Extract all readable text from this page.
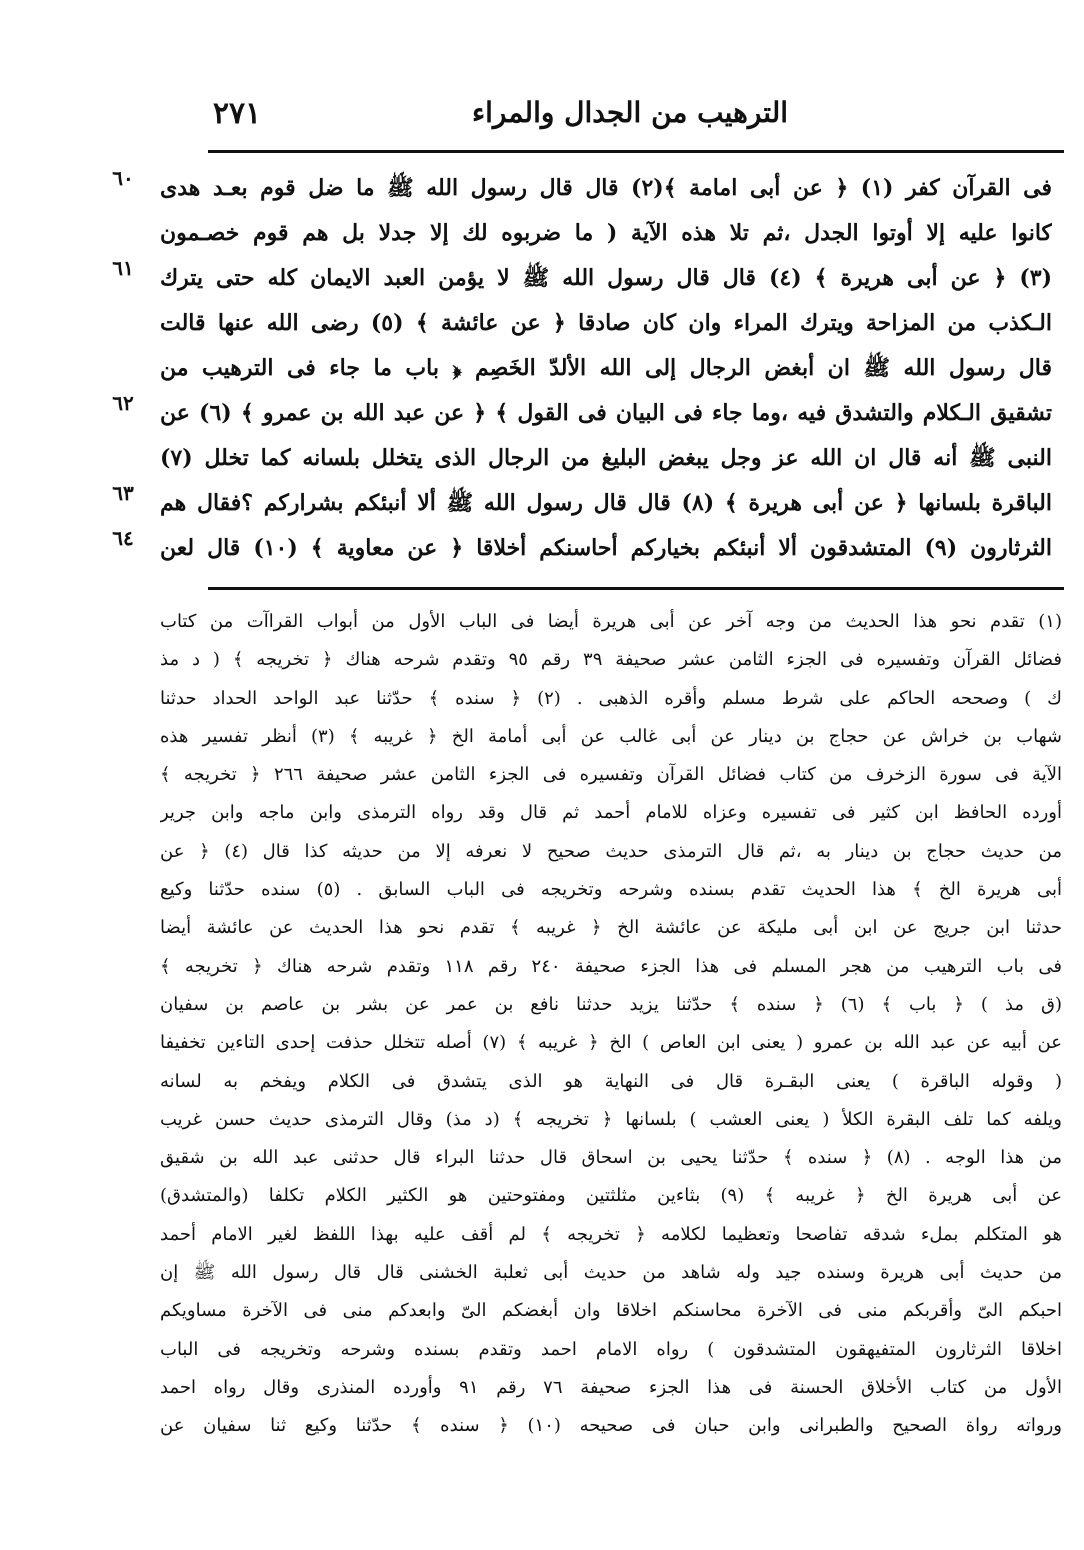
٢٧١	الترهيب من الجدال والمراء
فى القرآن كفر (١) ﴿ عن أبى امامة ﴾(٢) قال قال رسول الله ﷺ ما ضل قوم بعـد هدى
كانوا عليه إلا أوتوا الجدل ،ثم تلا هذه الآية ( ما ضربوه لك إلا جدلا بل هم قوم خصـمون
(٣) ﴿ عن أبى هريرة ﴾ (٤) قال قال رسول الله ﷺ لا يؤمن العبد الايمان كله حتى يترك
الـكذب من المزاحة ويترك المراء وان كان صادقا ﴿ عن عائشة ﴾ (٥) رضى الله عنها قالت
قال رسول الله ﷺ ان أبغض الرجال إلى الله الألدّ الخَصِم ﴿ باب ما جاء فى الترهيب من
تشقيق الـكلام والتشدق فيه ،وما جاء فى البيان فى القول ﴾ ﴿ عن عبد الله بن عمرو ﴾ (٦) عن
النبى ﷺ أنه قال ان الله عز وجل يبغض البليغ من الرجال الذى يتخلل بلسانه كما تخلل (٧)
الباقرة بلسانها ﴿ عن أبى هريرة ﴾ (٨) قال قال رسول الله ﷺ ألا أنبئكم بشراركم ؟فقال هم
الثرثارون (٩) المتشدقون ألا أنبئكم بخياركم أحاسنكم أخلاقا ﴿ عن معاوية ﴾ (١٠) قال لعن
٦٠
٦١
٦٢
٦٣
٦٤
(١) تقدم نحو هذا الحديث من وجه آخر عن أبى هريرة أيضا فى الباب الأول من أبواب القراآت من كتاب
فضائل القرآن وتفسيره فى الجزء الثامن عشر صحيفة ٣٩ رقم ٩٥ وتقدم شرحه هناك ﴿ تخريجه ﴾ ( د مذ
ك ) وصححه الحاكم على شرط مسلم وأقره الذهبى . (٢) ﴿ سنده ﴾ حدّثنا عبد الواحد الحداد حدثنا
شهاب بن خراش عن حجاج بن دينار عن أبى غالب عن أبى أمامة الخ ﴿ غريبه ﴾ (٣) أنظر تفسير هذه
الآية فى سورة الزخرف من كتاب فضائل القرآن وتفسيره فى الجزء الثامن عشر صحيفة ٢٦٦ ﴿ تخريجه ﴾
أورده الحافظ ابن كثير فى تفسيره وعزاه للامام أحمد ثم قال وقد رواه الترمذى وابن ماجه وابن جرير
من حديث حجاج بن دينار به ،ثم قال الترمذى حديث صحيح لا نعرفه إلا من حديثه كذا قال (٤) ﴿ عن
أبى هريرة الخ ﴾ هذا الحديث تقدم بسنده وشرحه وتخريجه فى الباب السابق . (٥) سنده حدّثنا وكيع
حدثنا ابن جريج عن ابن أبى مليكة عن عائشة الخ ﴿ غريبه ﴾ تقدم نحو هذا الحديث عن عائشة أيضا
فى باب الترهيب من هجر المسلم فى هذا الجزء صحيفة ٢٤٠ رقم ١١٨ وتقدم شرحه هناك ﴿ تخريجه ﴾
(ق مذ ) ﴿ باب ﴾ (٦) ﴿ سنده ﴾ حدّثنا يزيد حدثنا نافع بن عمر عن بشر بن عاصم بن سفيان
عن أبيه عن عبد الله بن عمرو ( يعنى ابن العاص ) الخ ﴿ غريبه ﴾ (٧) أصله تتخلل حذفت إحدى التاءين تخفيفا
( وقوله الباقرة ) يعنى البقـرة قال فى النهاية هو الذى يتشدق فى الكلام ويفخم به لسانه
ويلفه كما تلف البقرة الكلأ ( يعنى العشب ) بلسانها ﴿ تخريجه ﴾ (د مذ) وقال الترمذى حديث حسن غريب
من هذا الوجه . (٨) ﴿ سنده ﴾ حدّثنا يحيى بن اسحاق قال حدثنا البراء قال حدثنى عبد الله بن شقيق
عن أبى هريرة الخ ﴿ غريبه ﴾ (٩) بثاءين مثلثتين ومفتوحتين هو الكثير الكلام تكلفا (والمتشدق)
هو المتكلم بملء شدقه تفاصحا وتعظيما لكلامه ﴿ تخريجه ﴾ لم أقف عليه بهذا اللفظ لغير الامام أحمد
من حديث أبى هريرة وسنده جيد وله شاهد من حديث أبى ثعلبة الخشنى قال قال رسول الله ﷺ إن
احبكم الىّ وأقربكم منى فى الآخرة محاسنكم اخلاقا وان أبغضكم الىّ وابعدكم منى فى الآخرة مساويكم
اخلاقا الثرثارون المتفيهقون المتشدقون ) رواه الامام احمد وتقدم بسنده وشرحه وتخريجه فى الباب
الأول من كتاب الأخلاق الحسنة فى هذا الجزء صحيفة ٧٦ رقم ٩١ وأورده المنذرى وقال رواه احمد
ورواته رواة الصحيح والطبرانى وابن حبان فى صحيحه (١٠) ﴿ سنده ﴾ حدّثنا وكيع ثنا سفيان عن
